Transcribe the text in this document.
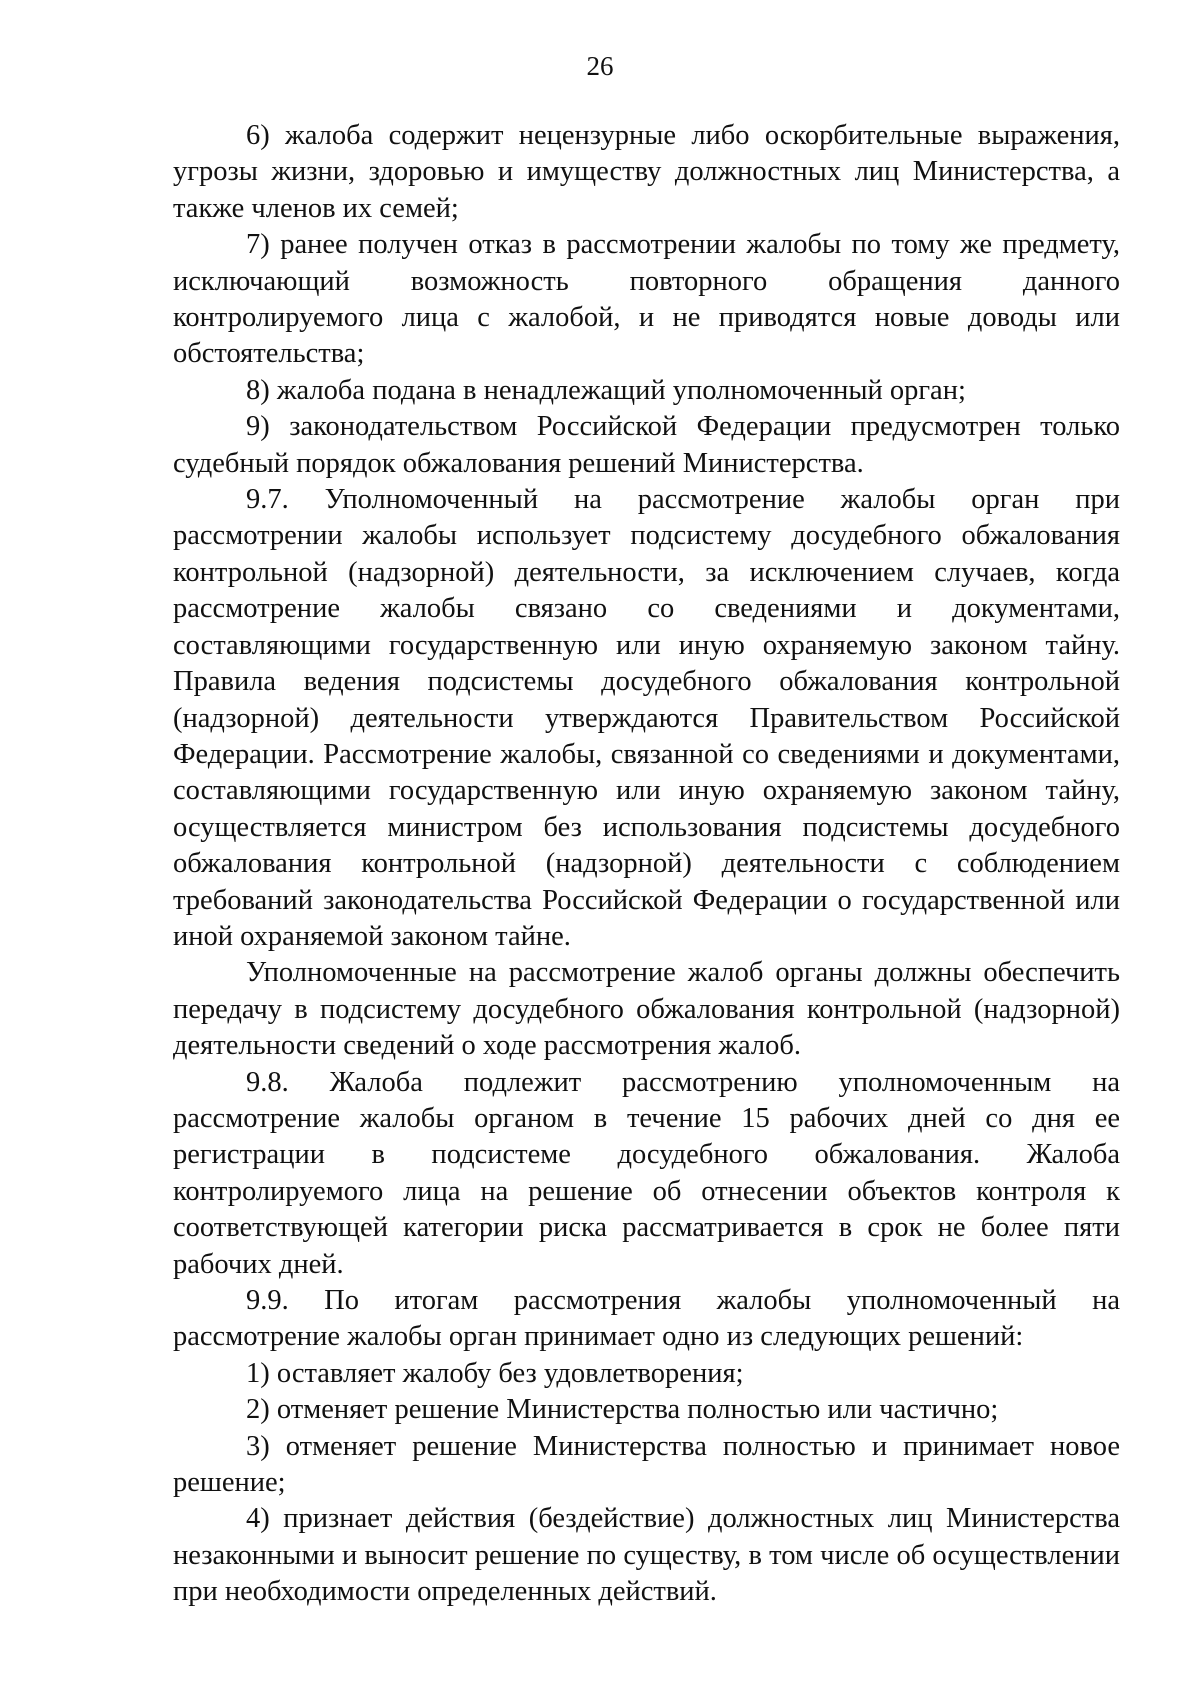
26

6) жалоба содержит нецензурные либо оскорбительные выражения, угрозы жизни, здоровью и имуществу должностных лиц Министерства, а также членов их семей;

7) ранее получен отказ в рассмотрении жалобы по тому же предмету, исключающий возможность повторного обращения данного контролируемого лица с жалобой, и не приводятся новые доводы или обстоятельства;

8) жалоба подана в ненадлежащий уполномоченный орган;

9) законодательством Российской Федерации предусмотрен только судебный порядок обжалования решений Министерства.

9.7. Уполномоченный на рассмотрение жалобы орган при рассмотрении жалобы использует подсистему досудебного обжалования контрольной (надзорной) деятельности, за исключением случаев, когда рассмотрение жалобы связано со сведениями и документами, составляющими государственную или иную охраняемую законом тайну. Правила ведения подсистемы досудебного обжалования контрольной (надзорной) деятельности утверждаются Правительством Российской Федерации. Рассмотрение жалобы, связанной со сведениями и документами, составляющими государственную или иную охраняемую законом тайну, осуществляется министром без использования подсистемы досудебного обжалования контрольной (надзорной) деятельности с соблюдением требований законодательства Российской Федерации о государственной или иной охраняемой законом тайне.

Уполномоченные на рассмотрение жалоб органы должны обеспечить передачу в подсистему досудебного обжалования контрольной (надзорной) деятельности сведений о ходе рассмотрения жалоб.

9.8. Жалоба подлежит рассмотрению уполномоченным на рассмотрение жалобы органом в течение 15 рабочих дней со дня ее регистрации в подсистеме досудебного обжалования. Жалоба контролируемого лица на решение об отнесении объектов контроля к соответствующей категории риска рассматривается в срок не более пяти рабочих дней.

9.9. По итогам рассмотрения жалобы уполномоченный на рассмотрение жалобы орган принимает одно из следующих решений:

1) оставляет жалобу без удовлетворения;

2) отменяет решение Министерства полностью или частично;

3) отменяет решение Министерства полностью и принимает новое решение;

4) признает действия (бездействие) должностных лиц Министерства незаконными и выносит решение по существу, в том числе об осуществлении при необходимости определенных действий.
